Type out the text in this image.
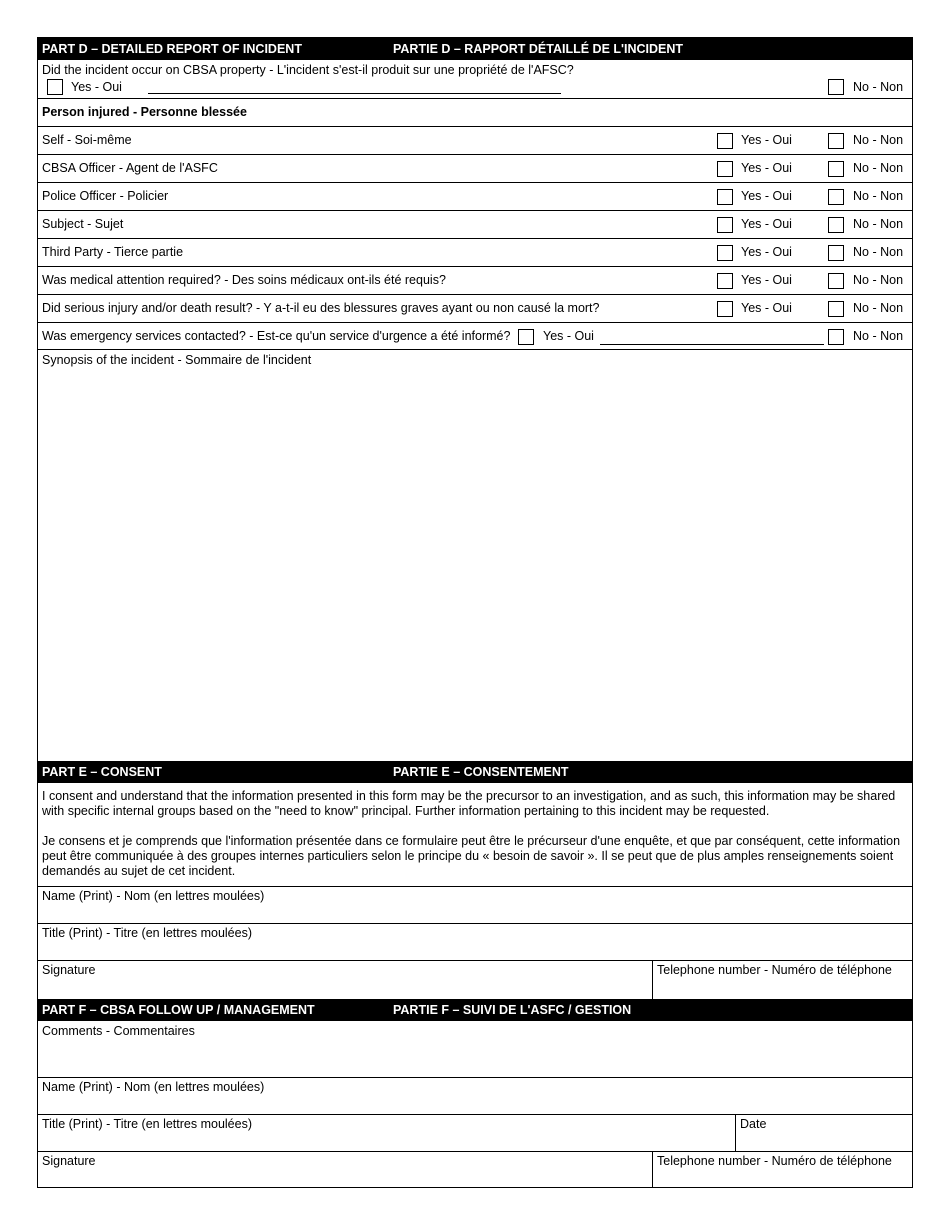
PART D – DETAILED REPORT OF INCIDENT	PARTIE D – RAPPORT DÉTAILLÉ DE L'INCIDENT
Did the incident occur on CBSA property - L'incident s'est-il produit sur une propriété de l'AFSC?
Yes - Oui	No - Non
Person injured - Personne blessée
Self - Soi-même	Yes - Oui	No - Non
CBSA Officer - Agent de l'ASFC	Yes - Oui	No - Non
Police Officer - Policier	Yes - Oui	No - Non
Subject - Sujet	Yes - Oui	No - Non
Third Party - Tierce partie	Yes - Oui	No - Non
Was medical attention required? - Des soins médicaux ont-ils été requis?	Yes - Oui	No - Non
Did serious injury and/or death result? - Y a-t-il eu des blessures graves ayant ou non causé la mort?	Yes - Oui	No - Non
Was emergency services contacted? - Est-ce qu'un service d'urgence a été informé?	Yes - Oui	No - Non
Synopsis of the incident - Sommaire de l'incident
PART E – CONSENT	PARTIE E – CONSENTEMENT
I consent and understand that the information presented in this form may be the precursor to an investigation, and as such, this information may be shared with specific internal groups based on the "need to know" principal. Further information pertaining to this incident may be requested.
Je consens et je comprends que l'information présentée dans ce formulaire peut être le précurseur d'une enquête, et que par conséquent, cette information peut être communiquée à des groupes internes particuliers selon le principe du « besoin de savoir ». Il se peut que de plus amples renseignements soient demandés au sujet de cet incident.
Name (Print) - Nom (en lettres moulées)
Title (Print) - Titre (en lettres moulées)
Signature	Telephone number - Numéro de téléphone
PART F – CBSA FOLLOW UP / MANAGEMENT	PARTIE F – SUIVI DE L'ASFC / GESTION
Comments - Commentaires
Name (Print) - Nom (en lettres moulées)
Title (Print) - Titre (en lettres moulées)	Date
Signature	Telephone number - Numéro de téléphone
